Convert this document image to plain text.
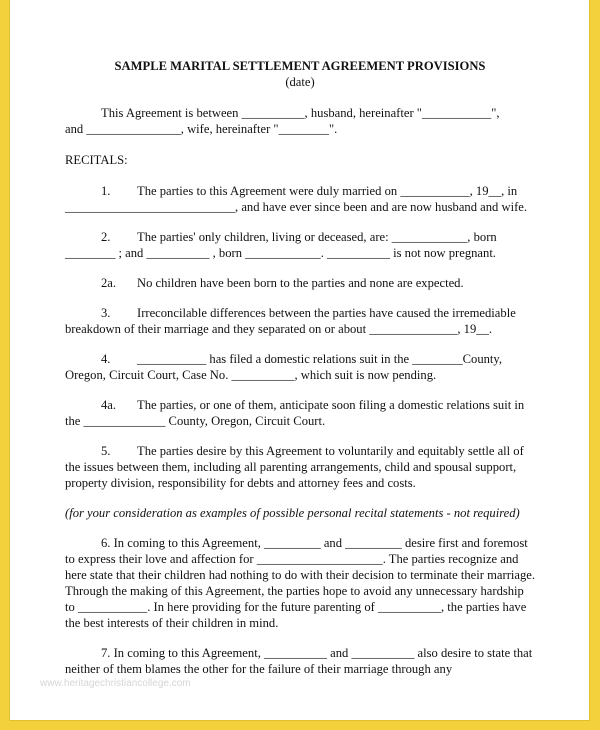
SAMPLE MARITAL SETTLEMENT AGREEMENT PROVISIONS
(date)
This Agreement is between __________, husband, hereinafter "___________",
and _______________, wife, hereinafter "________".
RECITALS:
1. The parties to this Agreement were duly married on ___________, 19__, in ___________________________, and have ever since been and are now husband and wife.
2. The parties' only children, living or deceased, are: ____________, born ________ ; and __________ , born ____________. __________ is not now pregnant.
2a. No children have been born to the parties and none are expected.
3. Irreconcilable differences between the parties have caused the irremediable breakdown of their marriage and they separated on or about ______________, 19__.
4. ___________ has filed a domestic relations suit in the ________County, Oregon, Circuit Court, Case No. __________, which suit is now pending.
4a. The parties, or one of them, anticipate soon filing a domestic relations suit in the _____________ County, Oregon, Circuit Court.
5. The parties desire by this Agreement to voluntarily and equitably settle all of the issues between them, including all parenting arrangements, child and spousal support, property division, responsibility for debts and attorney fees and costs.
(for your consideration as examples of possible personal recital statements - not required)
6. In coming to this Agreement, _________ and _________ desire first and foremost to express their love and affection for ____________________. The parties recognize and here state that their children had nothing to do with their decision to terminate their marriage. Through the making of this Agreement, the parties hope to avoid any unnecessary hardship to ___________. In here providing for the future parenting of __________, the parties have the best interests of their children in mind.
7. In coming to this Agreement, __________ and __________ also desire to state that neither of them blames the other for the failure of their marriage through any
www.heritagechristiancollege.com
